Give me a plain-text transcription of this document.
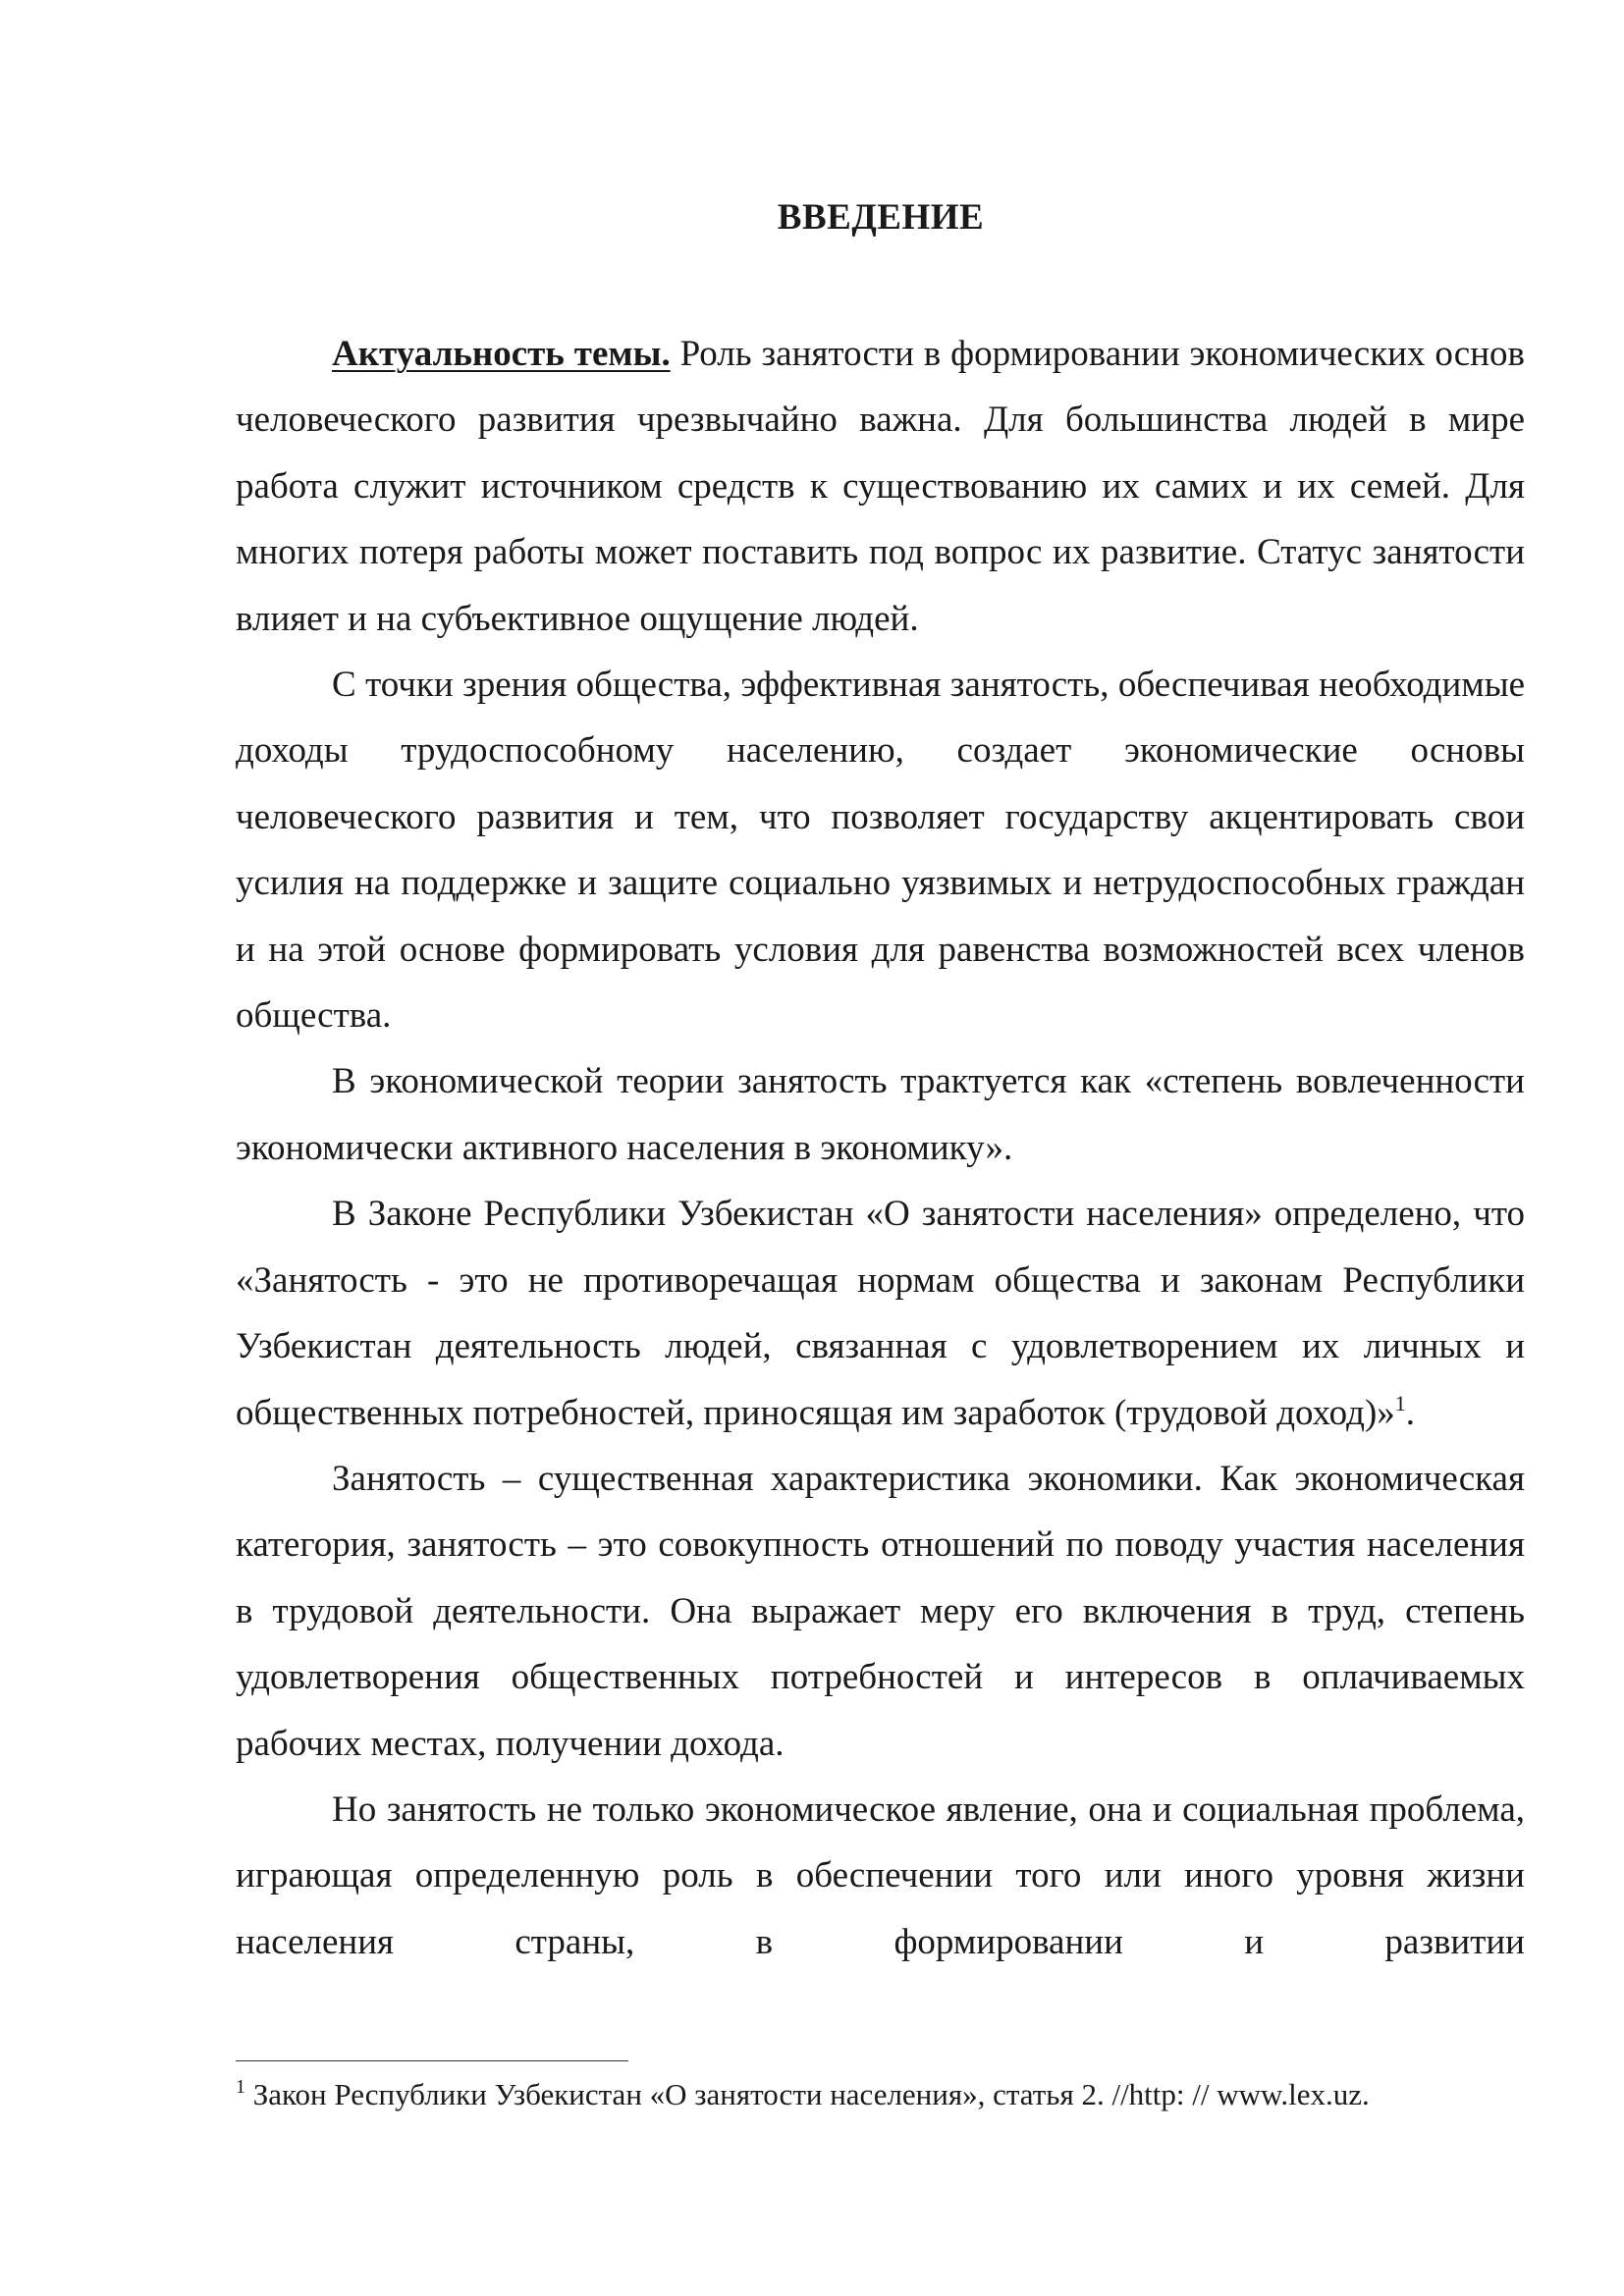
ВВЕДЕНИЕ

Актуальность темы. Роль занятости в формировании экономических основ человеческого развития чрезвычайно важна. Для большинства людей в мире работа служит источником средств к существованию их самих и их семей. Для многих потеря работы может поставить под вопрос их развитие. Статус занятости влияет и на субъективное ощущение людей.

С точки зрения общества, эффективная занятость, обеспечивая необходимые доходы трудоспособному населению, создает экономические основы человеческого развития и тем, что позволяет государству акцентировать свои усилия на поддержке и защите социально уязвимых и нетрудоспособных граждан и на этой основе формировать условия для равенства возможностей всех членов общества.

В экономической теории занятость трактуется как «степень вовлеченности экономически активного населения в экономику».

В Законе Республики Узбекистан «О занятости населения» определено, что «Занятость - это не противоречащая нормам общества и законам Республики Узбекистан деятельность людей, связанная с удовлетворением их личных и общественных потребностей, приносящая им заработок (трудовой доход)»$^1$.

Занятость – существенная характеристика экономики. Как экономическая категория, занятость – это совокупность отношений по поводу участия населения в трудовой деятельности. Она выражает меру его включения в труд, степень удовлетворения общественных потребностей и интересов в оплачиваемых рабочих местах, получении дохода.

Но занятость не только экономическое явление, она и социальная проблема, играющая определенную роль в обеспечении того или иного уровня жизни населения страны, в формировании и развитии

$^1$ Закон Республики Узбекистан «О занятости населения», статья 2. //http: // www.lex.uz.
